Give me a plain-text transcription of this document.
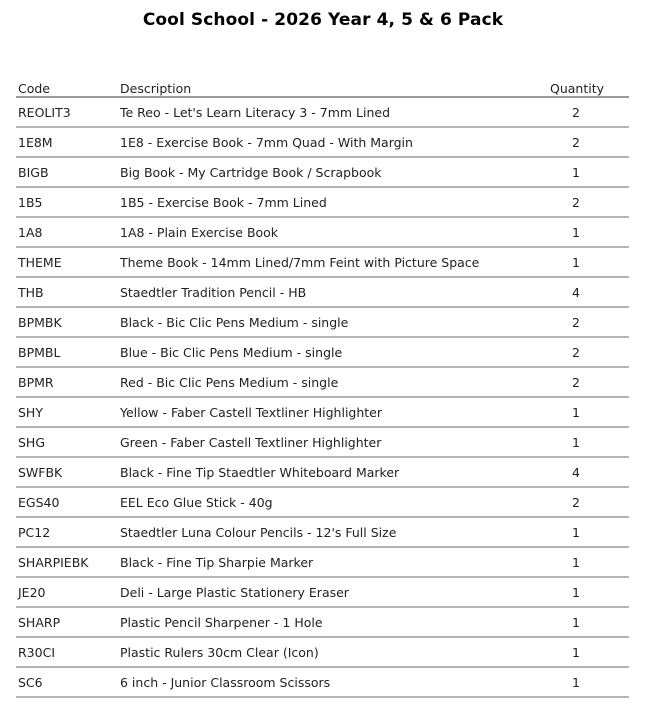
Cool School - 2026 Year 4, 5 & 6 Pack
Code	Description	Quantity
REOLIT3	Te Reo - Let's Learn Literacy 3 - 7mm Lined	2
1E8M	1E8 - Exercise Book - 7mm Quad - With Margin	2
BIGB	Big Book - My Cartridge Book / Scrapbook	1
1B5	1B5 - Exercise Book - 7mm Lined	2
1A8	1A8 - Plain Exercise Book	1
THEME	Theme Book - 14mm Lined/7mm Feint with Picture Space	1
THB	Staedtler Tradition Pencil - HB	4
BPMBK	Black - Bic Clic Pens Medium - single	2
BPMBL	Blue - Bic Clic Pens Medium - single	2
BPMR	Red - Bic Clic Pens Medium - single	2
SHY	Yellow - Faber Castell Textliner Highlighter	1
SHG	Green - Faber Castell Textliner Highlighter	1
SWFBK	Black - Fine Tip Staedtler Whiteboard Marker	4
EGS40	EEL Eco Glue Stick - 40g	2
PC12	Staedtler Luna Colour Pencils - 12's Full Size	1
SHARPIEBK	Black - Fine Tip Sharpie Marker	1
JE20	Deli - Large Plastic Stationery Eraser	1
SHARP	Plastic Pencil Sharpener - 1 Hole	1
R30CI	Plastic Rulers 30cm Clear (Icon)	1
SC6	6 inch - Junior Classroom Scissors	1
